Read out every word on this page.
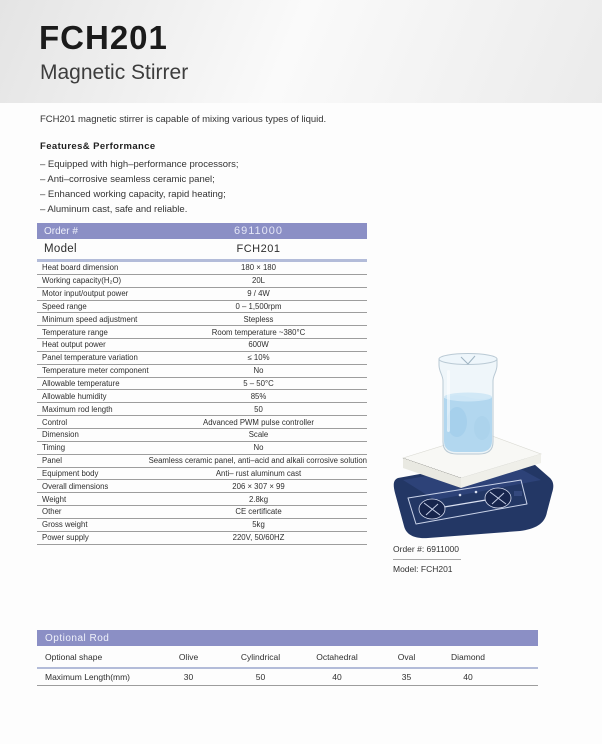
FCH201
Magnetic Stirrer
FCH201 magnetic stirrer is capable of mixing various types of liquid.
Features& Performance
– Equipped with high–performance processors;
– Anti–corrosive seamless ceramic panel;
– Enhanced working capacity, rapid heating;
– Aluminum cast, safe and reliable.
Order #	6911000
Model	FCH201
Heat board dimension	180 × 180
Working capacity(H₂O)	20L
Motor input/output power	9 / 4W
Speed range	0 – 1,500rpm
Minimum speed adjustment	Stepless
Temperature range	Room temperature ~380°C
Heat output power	600W
Panel temperature variation	≤ 10%
Temperature meter component	No
Allowable temperature	5 – 50°C
Allowable humidity	85%
Maximum rod length	50
Control	Advanced PWM pulse controller
Dimension	Scale
Timing	No
Panel	Seamless ceramic panel, anti–acid and alkali corrosive solution
Equipment body	Anti– rust aluminum cast
Overall dimensions	206 × 307 × 99
Weight	2.8kg
Other	CE certificate
Gross weight	5kg
Power supply	220V, 50/60HZ
Order #: 6911000
Model: FCH201
Optional Rod
Optional shape	Olive	Cylindrical	Octahedral	Oval	Diamond
Maximum Length(mm)	30	50	40	35	40
